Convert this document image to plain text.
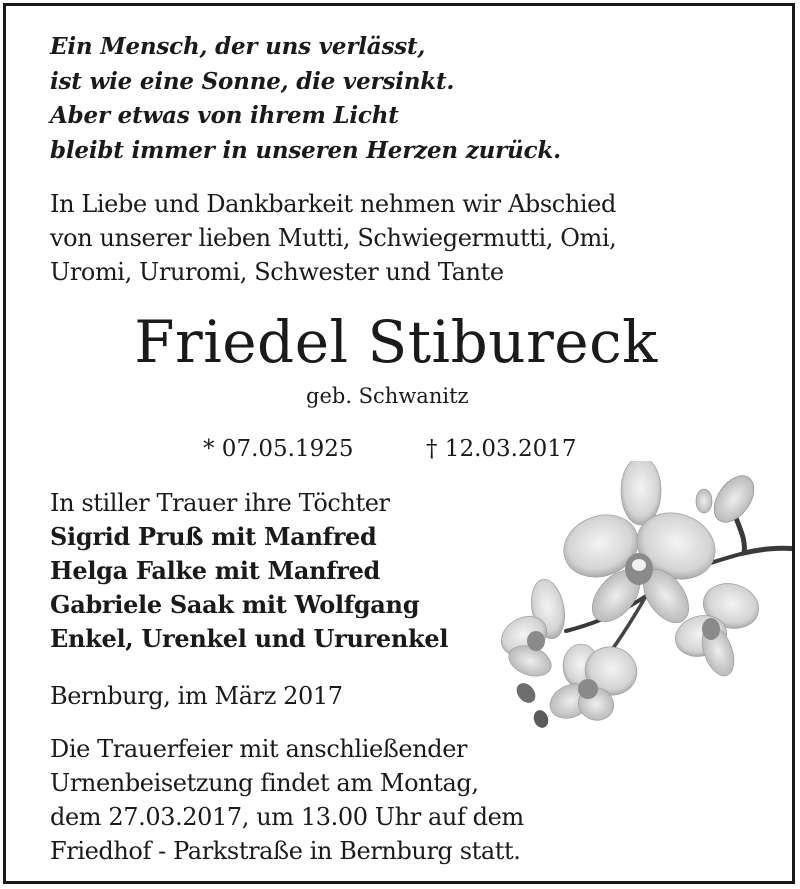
Ein Mensch, der uns verlässt,
ist wie eine Sonne, die versinkt.
Aber etwas von ihrem Licht
bleibt immer in unseren Herzen zurück.
In Liebe und Dankbarkeit nehmen wir Abschied
von unserer lieben Mutti, Schwiegermutti, Omi,
Uromi, Ururomi, Schwester und Tante
Friedel Stibureck
geb. Schwanitz
* 07.05.1925	† 12.03.2017
In stiller Trauer ihre Töchter
Sigrid Pruß mit Manfred
Helga Falke mit Manfred
Gabriele Saak mit Wolfgang
Enkel, Urenkel und Ururenkel
Bernburg, im März 2017
Die Trauerfeier mit anschließender
Urnenbeisetzung findet am Montag,
dem 27.03.2017, um 13.00 Uhr auf dem
Friedhof - Parkstraße in Bernburg statt.
